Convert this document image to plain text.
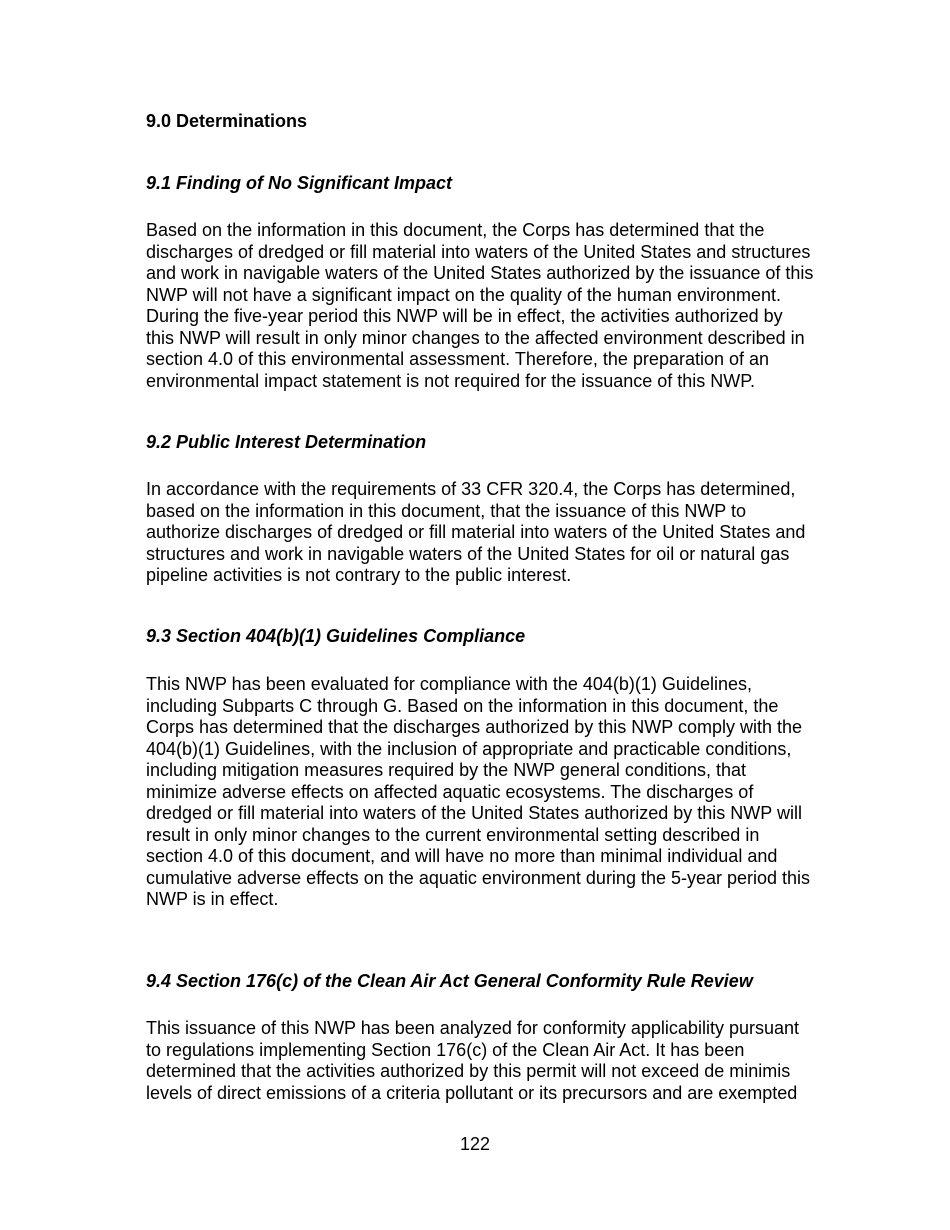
9.0 Determinations
9.1 Finding of No Significant Impact
Based on the information in this document, the Corps has determined that the
discharges of dredged or fill material into waters of the United States and structures
and work in navigable waters of the United States authorized by the issuance of this
NWP will not have a significant impact on the quality of the human environment.
During the five-year period this NWP will be in effect, the activities authorized by
this NWP will result in only minor changes to the affected environment described in
section 4.0 of this environmental assessment. Therefore, the preparation of an
environmental impact statement is not required for the issuance of this NWP.
9.2 Public Interest Determination
In accordance with the requirements of 33 CFR 320.4, the Corps has determined,
based on the information in this document, that the issuance of this NWP to
authorize discharges of dredged or fill material into waters of the United States and
structures and work in navigable waters of the United States for oil or natural gas
pipeline activities is not contrary to the public interest.
9.3 Section 404(b)(1) Guidelines Compliance
This NWP has been evaluated for compliance with the 404(b)(1) Guidelines,
including Subparts C through G. Based on the information in this document, the
Corps has determined that the discharges authorized by this NWP comply with the
404(b)(1) Guidelines, with the inclusion of appropriate and practicable conditions,
including mitigation measures required by the NWP general conditions, that
minimize adverse effects on affected aquatic ecosystems. The discharges of
dredged or fill material into waters of the United States authorized by this NWP will
result in only minor changes to the current environmental setting described in
section 4.0 of this document, and will have no more than minimal individual and
cumulative adverse effects on the aquatic environment during the 5-year period this
NWP is in effect.
9.4 Section 176(c) of the Clean Air Act General Conformity Rule Review
This issuance of this NWP has been analyzed for conformity applicability pursuant
to regulations implementing Section 176(c) of the Clean Air Act. It has been
determined that the activities authorized by this permit will not exceed de minimis
levels of direct emissions of a criteria pollutant or its precursors and are exempted

122
